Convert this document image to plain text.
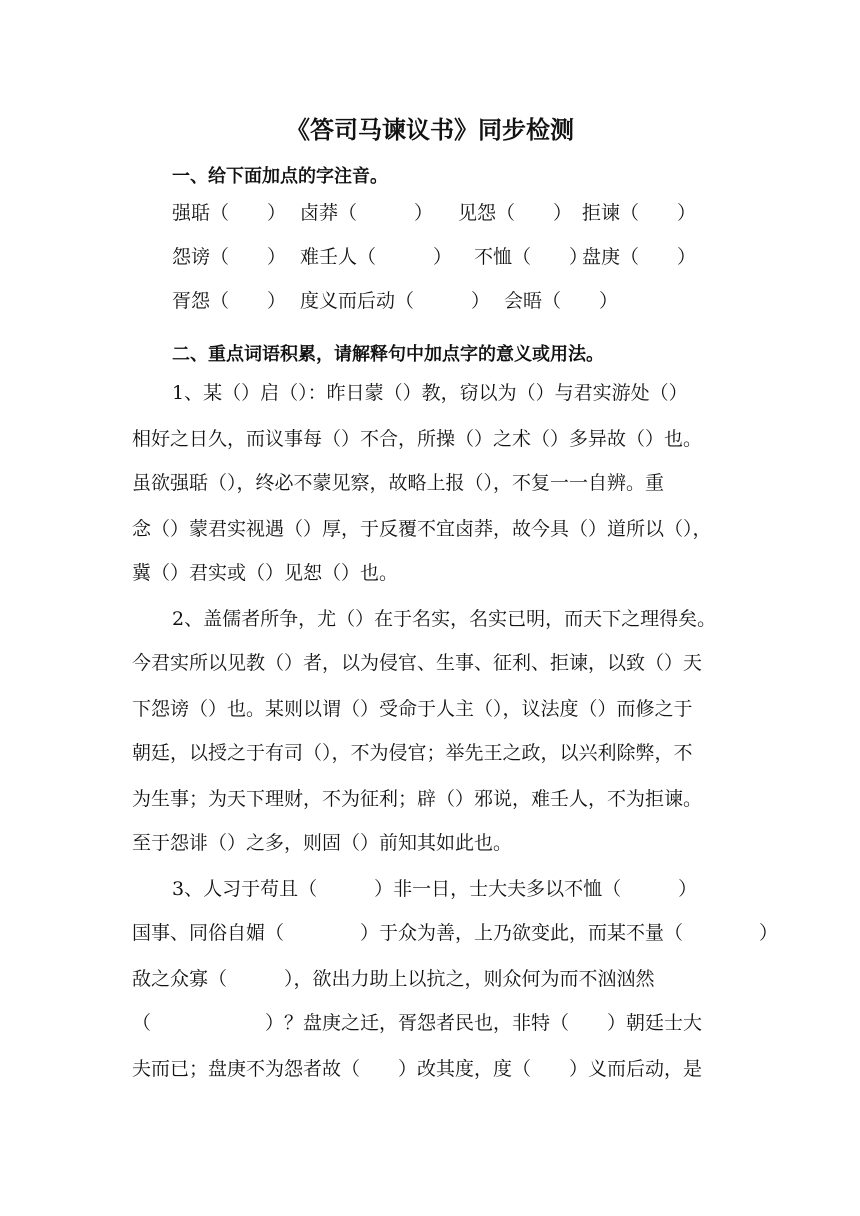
《答司马谏议书》同步检测
一、给下面加点的字注音。
强聒（　　） 卤莽（　　　） 见怨（　　） 拒谏（　　）
怨谤（　　） 难壬人（　　　） 不恤（　　）盘庚（　　）
胥怨（　　） 度义而后动（　　　） 会晤（　　）
二、重点词语积累，请解释句中加点字的意义或用法。
1、某（）启（）：昨日蒙（）教，窃以为（）与君实游处（）
相好之日久，而议事每（）不合，所操（）之术（）多异故（）也。
虽欲强聒（），终必不蒙见察，故略上报（），不复一一自辨。重
念（）蒙君实视遇（）厚，于反覆不宜卤莽，故今具（）道所以（），
冀（）君实或（）见恕（）也。
2、盖儒者所争，尤（）在于名实，名实已明，而天下之理得矣。
今君实所以见教（）者，以为侵官、生事、征利、拒谏，以致（）天
下怨谤（）也。某则以谓（）受命于人主（），议法度（）而修之于
朝廷，以授之于有司（），不为侵官；举先王之政，以兴利除弊，不
为生事；为天下理财，不为征利；辟（）邪说，难壬人，不为拒谏。
至于怨诽（）之多，则固（）前知其如此也。
3、人习于苟且（　　　）非一日，士大夫多以不恤（　　　）
国事、同俗自媚（　　　　）于众为善，上乃欲变此，而某不量（　　　　）
敌之众寡（　　　），欲出力助上以抗之，则众何为而不汹汹然
（　　　　　　）？盘庚之迁，胥怨者民也，非特（　　）朝廷士大
夫而已；盘庚不为怨者故（　　）改其度，度（　　）义而后动，是
